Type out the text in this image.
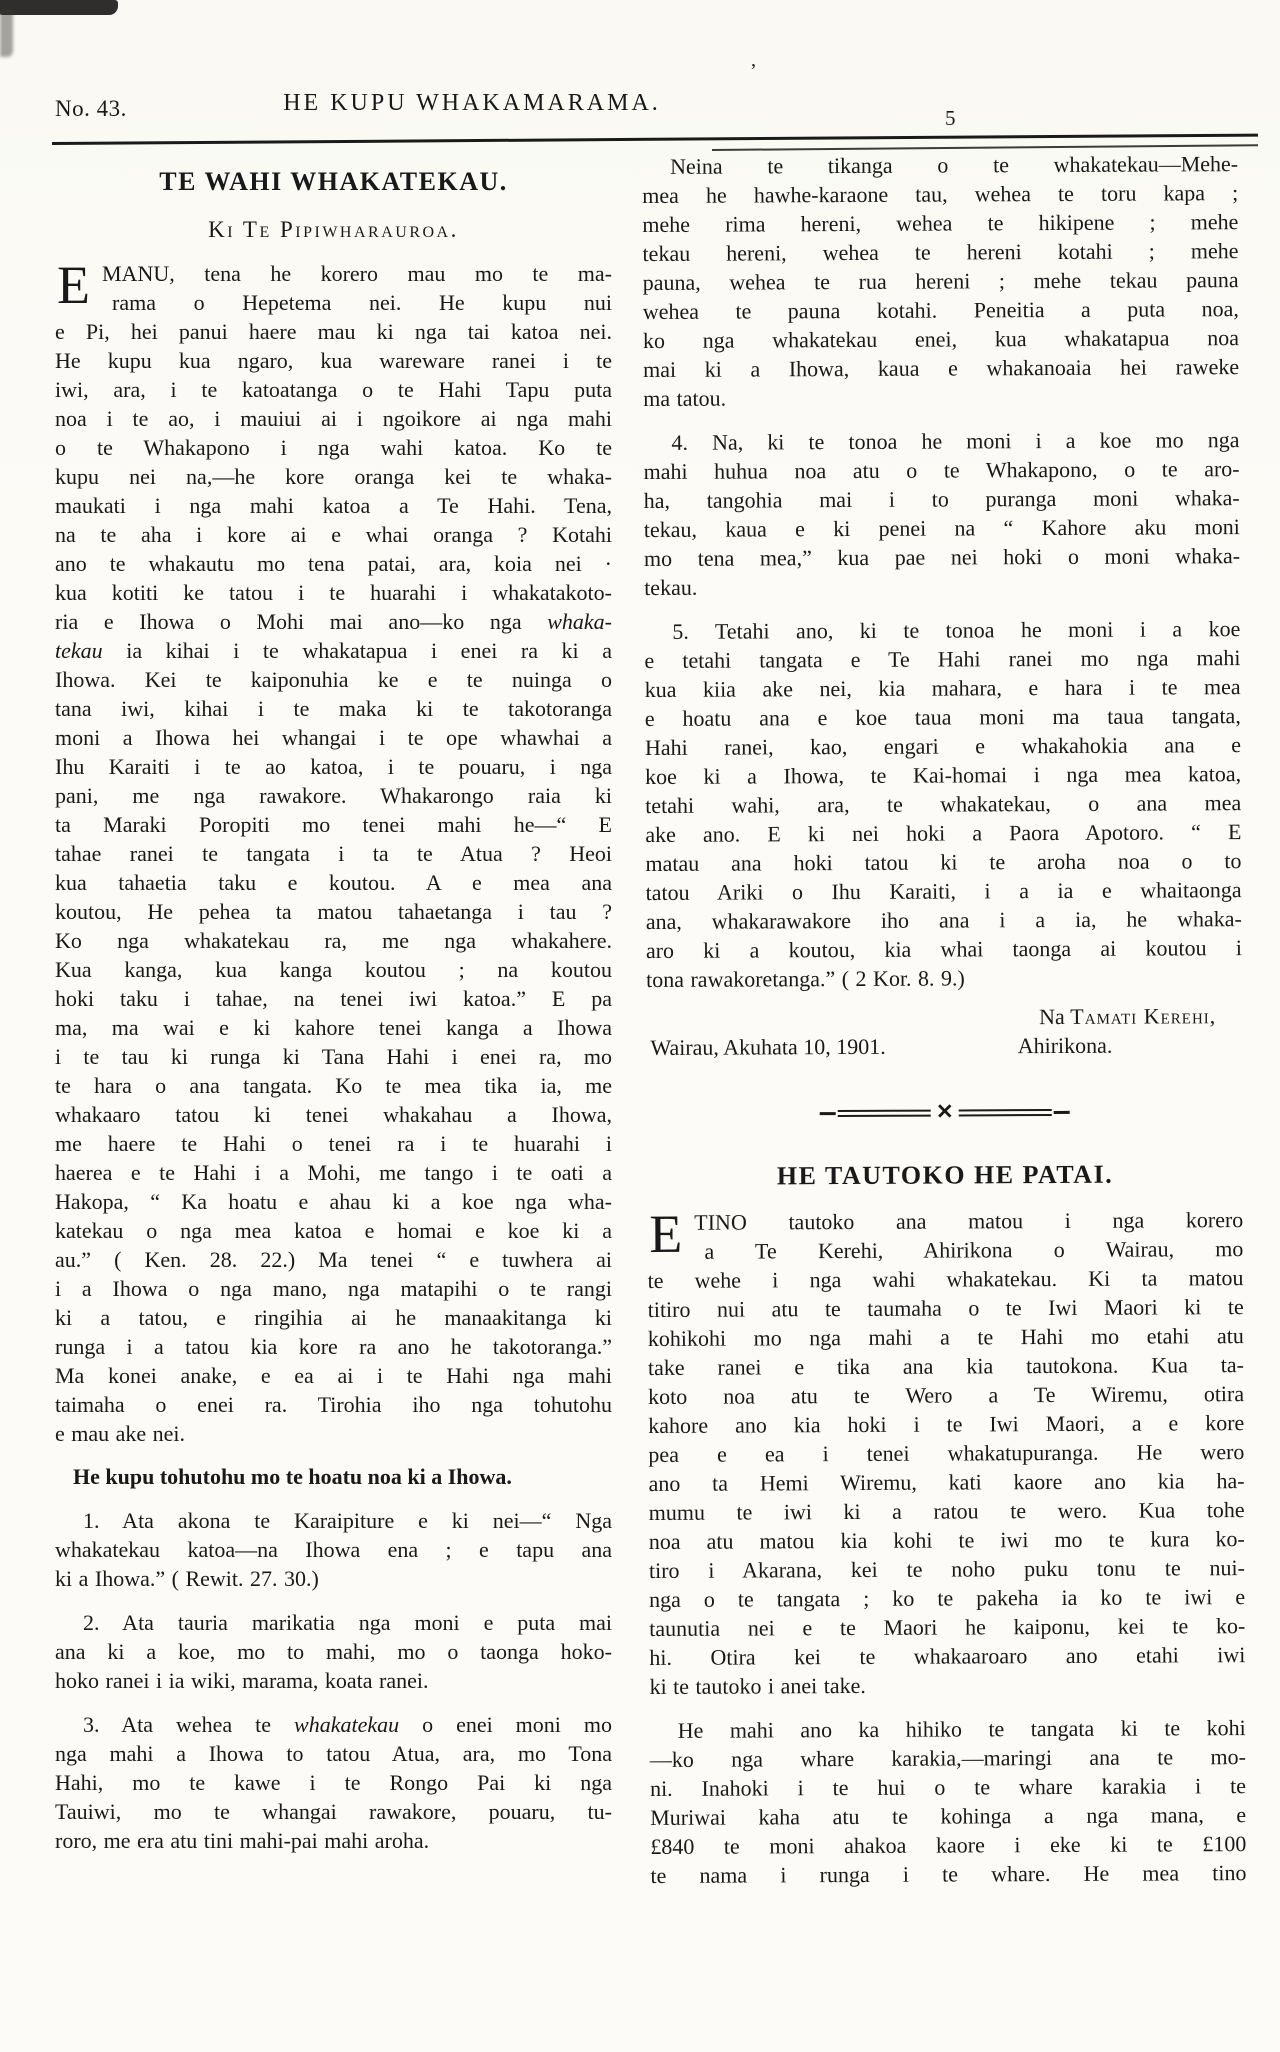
’
No. 43.	HE KUPU WHAKAMARAMA.
5
TE WAHI WHAKATEKAU.
Ki Te Pipiwharauroa.
E MANU, tena he korero mau mo te ma-
rama o Hepetema nei. He kupu nui
e Pi, hei panui haere mau ki nga tai katoa nei.
He kupu kua ngaro, kua wareware ranei i te
iwi, ara, i te katoatanga o te Hahi Tapu puta
noa i te ao, i mauiui ai i ngoikore ai nga mahi
o te Whakapono i nga wahi katoa. Ko te
kupu nei na,—he kore oranga kei te whaka-
maukati i nga mahi katoa a Te Hahi. Tena,
na te aha i kore ai e whai oranga ? Kotahi
ano te whakautu mo tena patai, ara, koia nei ·
kua kotiti ke tatou i te huarahi i whakatakoto-
ria e Ihowa o Mohi mai ano—ko nga whaka-
tekau ia kihai i te whakatapua i enei ra ki a
Ihowa. Kei te kaiponuhia ke e te nuinga o
tana iwi, kihai i te maka ki te takotoranga
moni a Ihowa hei whangai i te ope whawhai a
Ihu Karaiti i te ao katoa, i te pouaru, i nga
pani, me nga rawakore. Whakarongo raia ki
ta Maraki Poropiti mo tenei mahi he—“ E
tahae ranei te tangata i ta te Atua ? Heoi
kua tahaetia taku e koutou. A e mea ana
koutou, He pehea ta matou tahaetanga i tau ?
Ko nga whakatekau ra, me nga whakahere.
Kua kanga, kua kanga koutou ; na koutou
hoki taku i tahae, na tenei iwi katoa.” E pa
ma, ma wai e ki kahore tenei kanga a Ihowa
i te tau ki runga ki Tana Hahi i enei ra, mo
te hara o ana tangata. Ko te mea tika ia, me
whakaaro tatou ki tenei whakahau a Ihowa,
me haere te Hahi o tenei ra i te huarahi i
haerea e te Hahi i a Mohi, me tango i te oati a
Hakopa, “ Ka hoatu e ahau ki a koe nga wha-
katekau o nga mea katoa e homai e koe ki a
au.” ( Ken. 28. 22.) Ma tenei “ e tuwhera ai
i a Ihowa o nga mano, nga matapihi o te rangi
ki a tatou, e ringihia ai he manaakitanga ki
runga i a tatou kia kore ra ano he takotoranga.”
Ma konei anake, e ea ai i te Hahi nga mahi
taimaha o enei ra. Tirohia iho nga tohutohu
e mau ake nei.
He kupu tohutohu mo te hoatu noa ki a Ihowa.
1. Ata akona te Karaipiture e ki nei—“ Nga
whakatekau katoa—na Ihowa ena ; e tapu ana
ki a Ihowa.” ( Rewit. 27. 30.)
2. Ata tauria marikatia nga moni e puta mai
ana ki a koe, mo to mahi, mo o taonga hoko-
hoko ranei i ia wiki, marama, koata ranei.
3. Ata wehea te whakatekau o enei moni mo
nga mahi a Ihowa to tatou Atua, ara, mo Tona
Hahi, mo te kawe i te Rongo Pai ki nga
Tauiwi, mo te whangai rawakore, pouaru, tu-
roro, me era atu tini mahi-pai mahi aroha.
Neina te tikanga o te whakatekau—Mehe-
mea he hawhe-karaone tau, wehea te toru kapa ;
mehe rima hereni, wehea te hikipene ; mehe
tekau hereni, wehea te hereni kotahi ; mehe
pauna, wehea te rua hereni ; mehe tekau pauna
wehea te pauna kotahi. Peneitia a puta noa,
ko nga whakatekau enei, kua whakatapua noa
mai ki a Ihowa, kaua e whakanoaia hei raweke
ma tatou.
4. Na, ki te tonoa he moni i a koe mo nga
mahi huhua noa atu o te Whakapono, o te aro-
ha, tangohia mai i to puranga moni whaka-
tekau, kaua e ki penei na “ Kahore aku moni
mo tena mea,” kua pae nei hoki o moni whaka-
tekau.
5. Tetahi ano, ki te tonoa he moni i a koe
e tetahi tangata e Te Hahi ranei mo nga mahi
kua kiia ake nei, kia mahara, e hara i te mea
e hoatu ana e koe taua moni ma taua tangata,
Hahi ranei, kao, engari e whakahokia ana e
koe ki a Ihowa, te Kai-homai i nga mea katoa,
tetahi wahi, ara, te whakatekau, o ana mea
ake ano. E ki nei hoki a Paora Apotoro. “ E
matau ana hoki tatou ki te aroha noa o to
tatou Ariki o Ihu Karaiti, i a ia e whaitaonga
ana, whakarawakore iho ana i a ia, he whaka-
aro ki a koutou, kia whai taonga ai koutou i
tona rawakoretanga.” ( 2 Kor. 8. 9.)
Na Tamati Kerehi,
Wairau, Akuhata 10, 1901.	Ahirikona.
✕
HE TAUTOKO HE PATAI.
E TINO tautoko ana matou i nga korero
a Te Kerehi, Ahirikona o Wairau, mo
te wehe i nga wahi whakatekau. Ki ta matou
titiro nui atu te taumaha o te Iwi Maori ki te
kohikohi mo nga mahi a te Hahi mo etahi atu
take ranei e tika ana kia tautokona. Kua ta-
koto noa atu te Wero a Te Wiremu, otira
kahore ano kia hoki i te Iwi Maori, a e kore
pea e ea i tenei whakatupuranga. He wero
ano ta Hemi Wiremu, kati kaore ano kia ha-
mumu te iwi ki a ratou te wero. Kua tohe
noa atu matou kia kohi te iwi mo te kura ko-
tiro i Akarana, kei te noho puku tonu te nui-
nga o te tangata ; ko te pakeha ia ko te iwi e
taunutia nei e te Maori he kaiponu, kei te ko-
hi. Otira kei te whakaaroaro ano etahi iwi
ki te tautoko i anei take.
He mahi ano ka hihiko te tangata ki te kohi
—ko nga whare karakia,—maringi ana te mo-
ni. Inahoki i te hui o te whare karakia i te
Muriwai kaha atu te kohinga a nga mana, e
£840 te moni ahakoa kaore i eke ki te £100
te nama i runga i te whare. He mea tino
